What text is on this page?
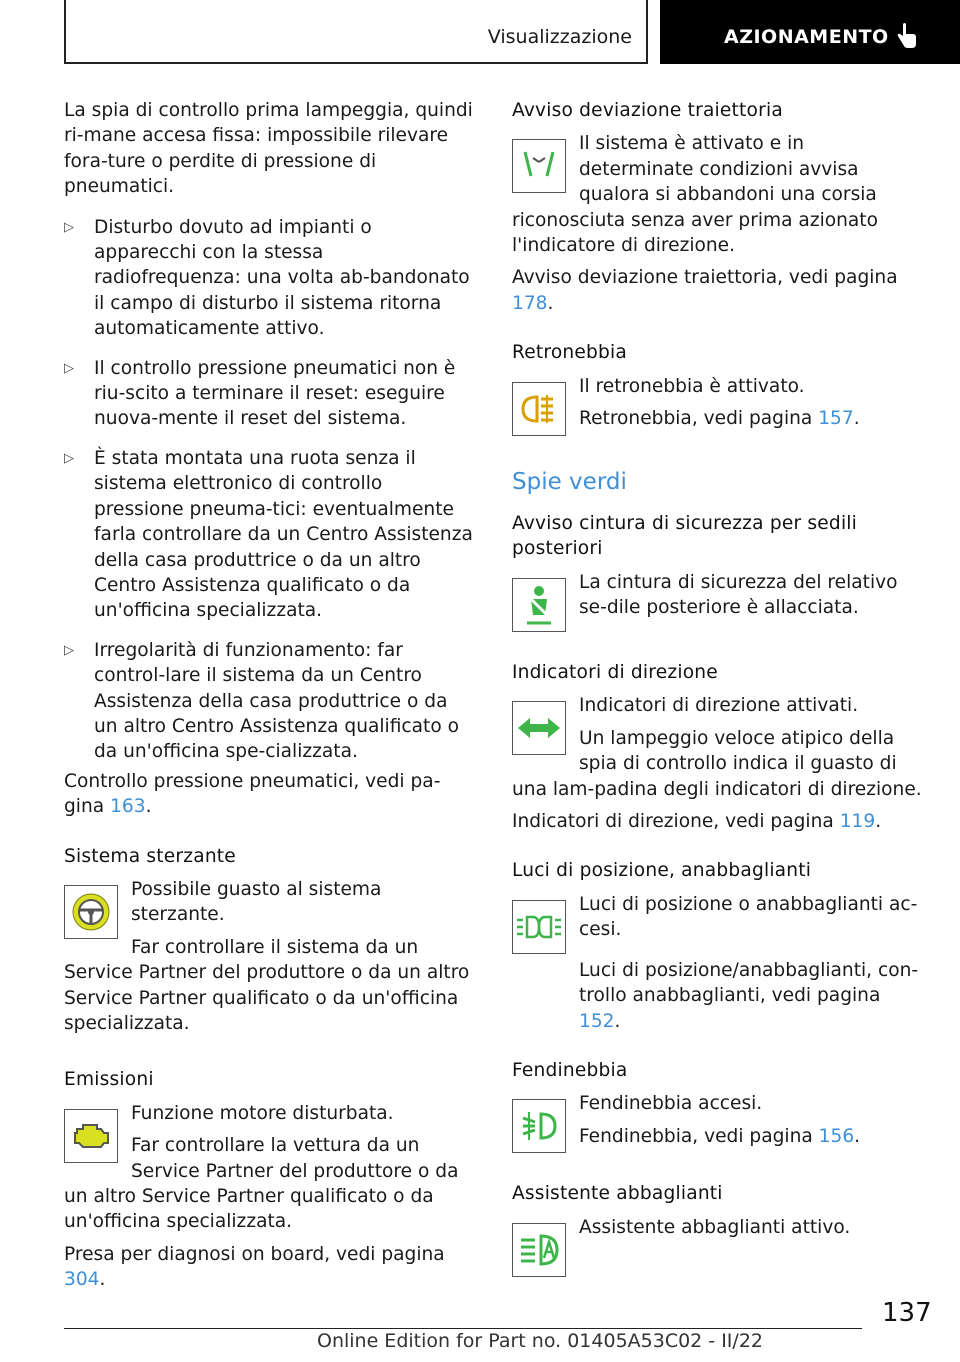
Visualizzazione	AZIONAMENTO

La spia di controllo prima lampeggia, quindi ri-mane accesa fissa: impossibile rilevare fora-ture o perdite di pressione di pneumatici.

▷ Disturbo dovuto ad impianti o apparecchi con la stessa radiofrequenza: una volta ab-bandonato il campo di disturbo il sistema ritorna automaticamente attivo.
▷ Il controllo pressione pneumatici non è riu-scito a terminare il reset: eseguire nuova-mente il reset del sistema.
▷ È stata montata una ruota senza il sistema elettronico di controllo pressione pneuma-tici: eventualmente farla controllare da un Centro Assistenza della casa produttrice o da un altro Centro Assistenza qualificato o da un'officina specializzata.
▷ Irregolarità di funzionamento: far control-lare il sistema da un Centro Assistenza della casa produttrice o da un altro Centro Assistenza qualificato o da un'officina spe-cializzata.

Controllo pressione pneumatici, vedi pa-gina 163.

Sistema sterzante

Possibile guasto al sistema sterzante.

Far controllare il sistema da un Service Partner del produttore o da un altro Service Partner qualificato o da un'officina specializzata.

Emissioni

Funzione motore disturbata.

Far controllare la vettura da un Service Partner del produttore o da un altro Service Partner qualificato o da un'officina specializzata.

Presa per diagnosi on board, vedi pagina 304.

Avviso deviazione traiettoria

Il sistema è attivato e in determinate condizioni avvisa qualora si abbandoni una corsia riconosciuta senza aver prima azionato l'indicatore di direzione.

Avviso deviazione traiettoria, vedi pagina 178.

Retronebbia

Il retronebbia è attivato.

Retronebbia, vedi pagina 157.

Spie verdi
Avviso cintura di sicurezza per sedili posteriori

La cintura di sicurezza del relativo se-dile posteriore è allacciata.

Indicatori di direzione

Indicatori di direzione attivati.

Un lampeggio veloce atipico della spia di controllo indica il guasto di una lam-padina degli indicatori di direzione.

Indicatori di direzione, vedi pagina 119.

Luci di posizione, anabbaglianti

Luci di posizione o anabbaglianti ac-cesi.

Luci di posizione/anabbaglianti, con-trollo anabbaglianti, vedi pagina 152.

Fendinebbia

Fendinebbia accesi.

Fendinebbia, vedi pagina 156.

Assistente abbaglianti

Assistente abbaglianti attivo.

137
Online Edition for Part no. 01405A53C02 - II/22
